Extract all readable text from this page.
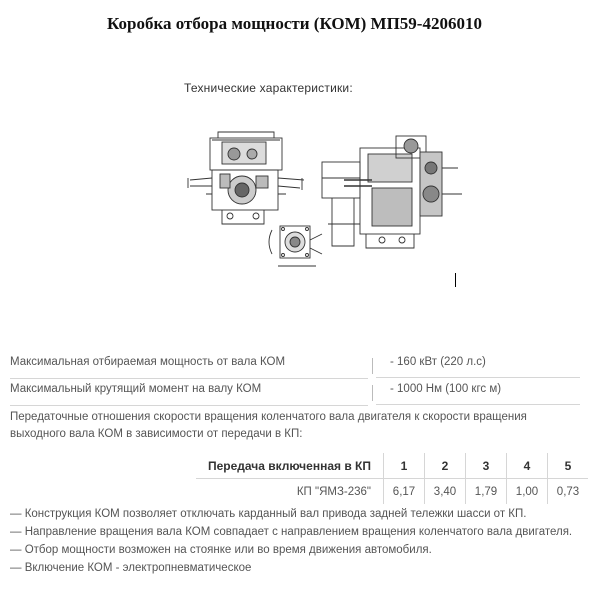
Коробка отбора мощности (КОМ) МП59-4206010
Технические характеристики:
Максимальная отбираемая мощность от вала КОМ	- 160 кВт (220 л.с)
Максимальный крутящий момент на валу КОМ	- 1000 Нм (100 кгс м)
Передаточные отношения скорости вращения коленчатого вала двигателя к скорости вращения выходного вала КОМ в зависимости от передачи в КП:
Передача включенная в КП	1	2	3	4	5
КП "ЯМЗ-236"	6,17	3,40	1,79	1,00	0,73
— Конструкция КОМ позволяет отключать карданный вал привода задней тележки шасси от КП.
— Направление вращения вала КОМ совпадает с направлением вращения коленчатого вала двигателя.
— Отбор мощности возможен на стоянке или во время движения автомобиля.
— Включение КОМ - электропневматическое
